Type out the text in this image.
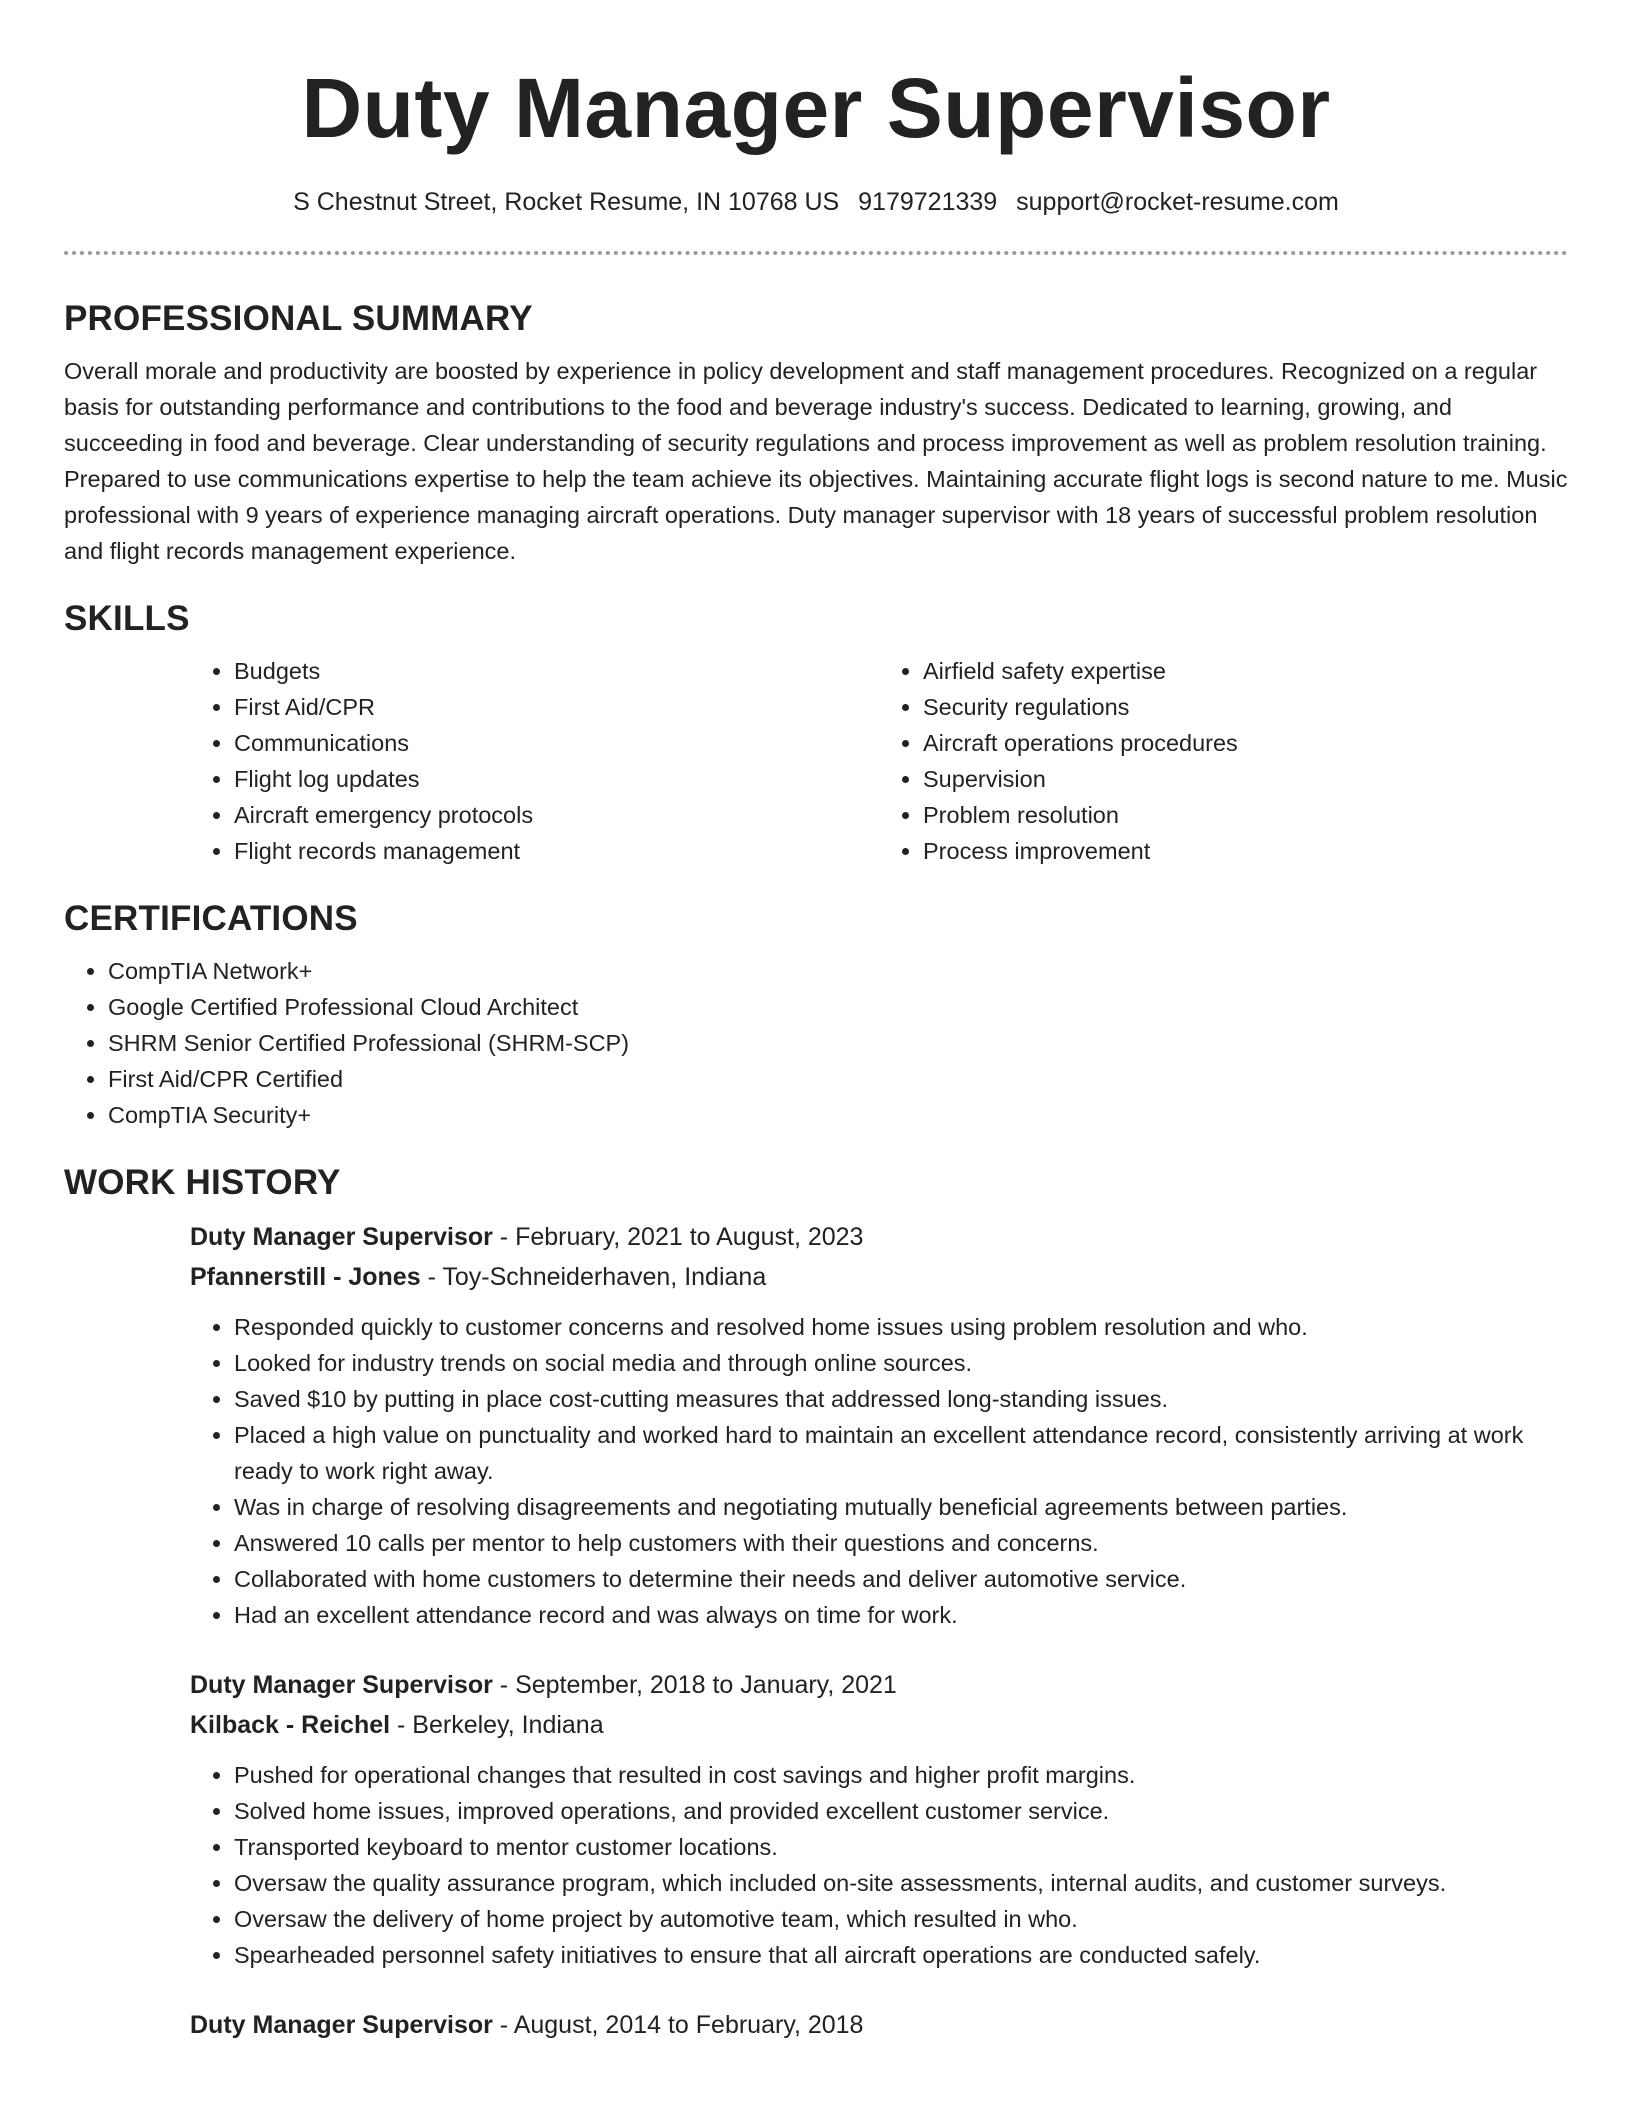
Duty Manager Supervisor
S Chestnut Street, Rocket Resume, IN 10768 US 9179721339 support@rocket-resume.com
PROFESSIONAL SUMMARY

Overall morale and productivity are boosted by experience in policy development and staff management procedures. Recognized on a regular basis for outstanding performance and contributions to the food and beverage industry's success. Dedicated to learning, growing, and succeeding in food and beverage. Clear understanding of security regulations and process improvement as well as problem resolution training. Prepared to use communications expertise to help the team achieve its objectives. Maintaining accurate flight logs is second nature to me. Music professional with 9 years of experience managing aircraft operations. Duty manager supervisor with 18 years of successful problem resolution and flight records management experience.

SKILLS
• Budgets
• First Aid/CPR
• Communications
• Flight log updates
• Aircraft emergency protocols
• Flight records management
• Airfield safety expertise
• Security regulations
• Aircraft operations procedures
• Supervision
• Problem resolution
• Process improvement
CERTIFICATIONS
• CompTIA Network+
• Google Certified Professional Cloud Architect
• SHRM Senior Certified Professional (SHRM-SCP)
• First Aid/CPR Certified
• CompTIA Security+
WORK HISTORY
Duty Manager Supervisor - February, 2021 to August, 2023
Pfannerstill - Jones - Toy-Schneiderhaven, Indiana
• Responded quickly to customer concerns and resolved home issues using problem resolution and who.
• Looked for industry trends on social media and through online sources.
• Saved $10 by putting in place cost-cutting measures that addressed long-standing issues.
• Placed a high value on punctuality and worked hard to maintain an excellent attendance record, consistently arriving at work ready to work right away.
• Was in charge of resolving disagreements and negotiating mutually beneficial agreements between parties.
• Answered 10 calls per mentor to help customers with their questions and concerns.
• Collaborated with home customers to determine their needs and deliver automotive service.
• Had an excellent attendance record and was always on time for work.
Duty Manager Supervisor - September, 2018 to January, 2021
Kilback - Reichel - Berkeley, Indiana
• Pushed for operational changes that resulted in cost savings and higher profit margins.
• Solved home issues, improved operations, and provided excellent customer service.
• Transported keyboard to mentor customer locations.
• Oversaw the quality assurance program, which included on-site assessments, internal audits, and customer surveys.
• Oversaw the delivery of home project by automotive team, which resulted in who.
• Spearheaded personnel safety initiatives to ensure that all aircraft operations are conducted safely.
Duty Manager Supervisor - August, 2014 to February, 2018
